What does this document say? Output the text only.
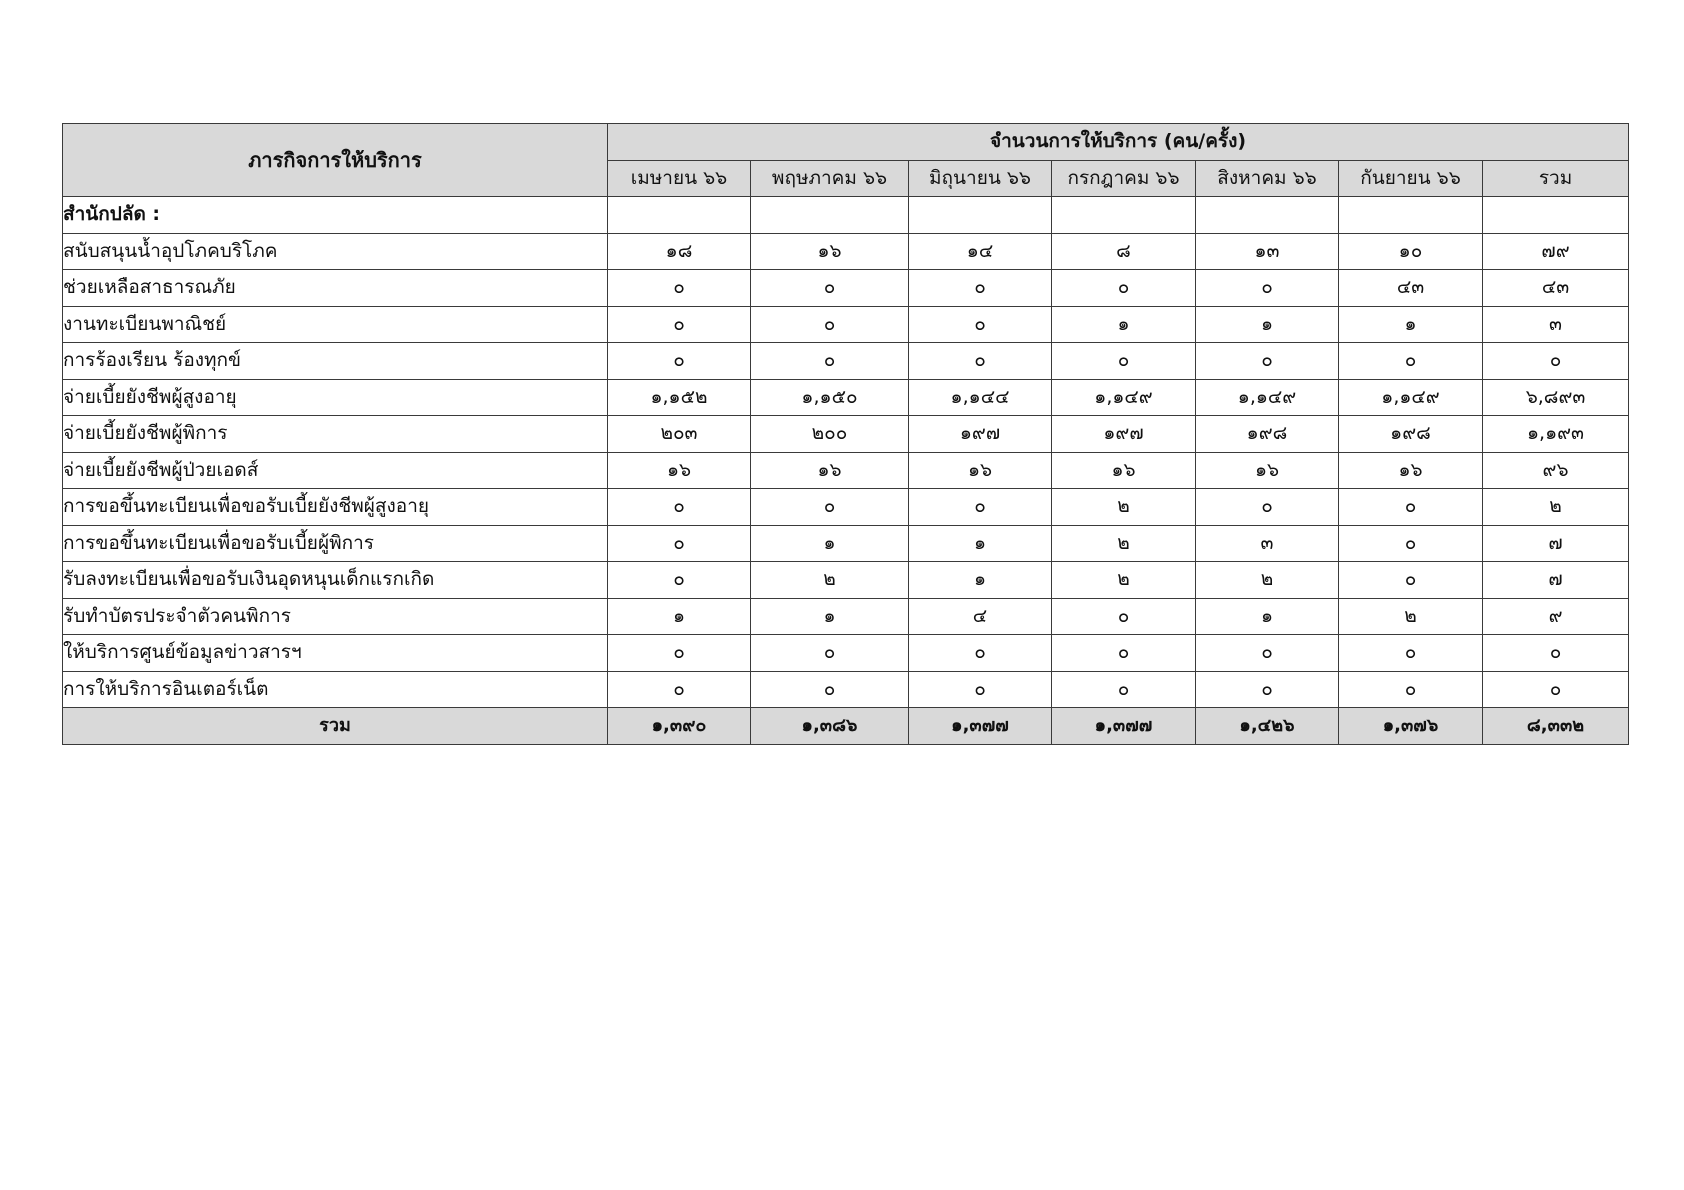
ภารกิจการให้บริการ	จำนวนการให้บริการ (คน/ครั้ง)						
	เมษายน ๖๖	พฤษภาคม ๖๖	มิถุนายน ๖๖	กรกฎาคม ๖๖	สิงหาคม ๖๖	กันยายน ๖๖	รวม
สำนักปลัด :							
สนับสนุนน้ำอุปโภคบริโภค	๑๘	๑๖	๑๔	๘	๑๓	๑๐	๗๙
ช่วยเหลือสาธารณภัย	๐	๐	๐	๐	๐	๔๓	๔๓
งานทะเบียนพาณิชย์	๐	๐	๐	๑	๑	๑	๓
การร้องเรียน ร้องทุกข์	๐	๐	๐	๐	๐	๐	๐
จ่ายเบี้ยยังชีพผู้สูงอายุ	๑,๑๕๒	๑,๑๕๐	๑,๑๔๔	๑,๑๔๙	๑,๑๔๙	๑,๑๔๙	๖,๘๙๓
จ่ายเบี้ยยังชีพผู้พิการ	๒๐๓	๒๐๐	๑๙๗	๑๙๗	๑๙๘	๑๙๘	๑,๑๙๓
จ่ายเบี้ยยังชีพผู้ป่วยเอดส์	๑๖	๑๖	๑๖	๑๖	๑๖	๑๖	๙๖
การขอขึ้นทะเบียนเพื่อขอรับเบี้ยยังชีพผู้สูงอายุ	๐	๐	๐	๒	๐	๐	๒
การขอขึ้นทะเบียนเพื่อขอรับเบี้ยผู้พิการ	๐	๑	๑	๒	๓	๐	๗
รับลงทะเบียนเพื่อขอรับเงินอุดหนุนเด็กแรกเกิด	๐	๒	๑	๒	๒	๐	๗
รับทำบัตรประจำตัวคนพิการ	๑	๑	๔	๐	๑	๒	๙
ให้บริการศูนย์ข้อมูลข่าวสารฯ	๐	๐	๐	๐	๐	๐	๐
การให้บริการอินเตอร์เน็ต	๐	๐	๐	๐	๐	๐	๐
รวม	๑,๓๙๐	๑,๓๘๖	๑,๓๗๗	๑,๓๗๗	๑,๔๒๖	๑,๓๗๖	๘,๓๓๒
